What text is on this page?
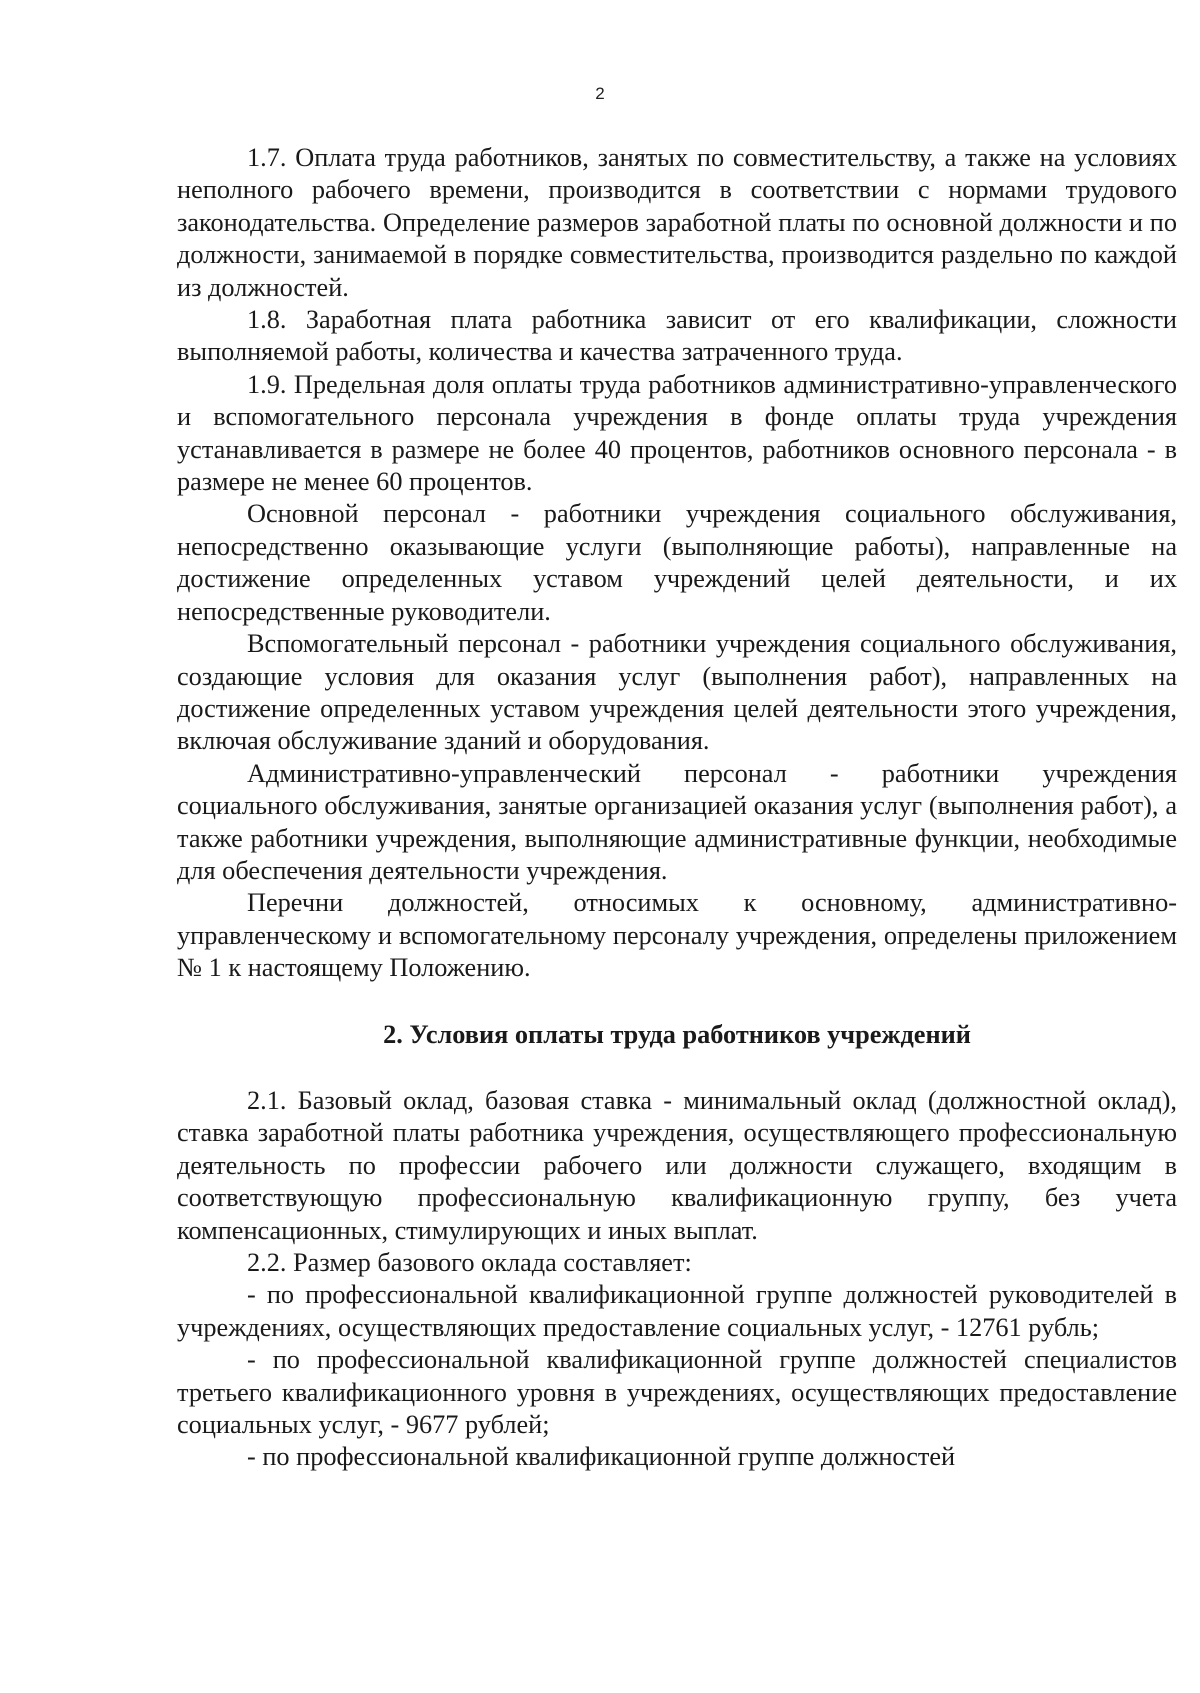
2

1.7. Оплата труда работников, занятых по совместительству, а также на условиях неполного рабочего времени, производится в соответствии с нормами трудового законодательства. Определение размеров заработной платы по основной должности и по должности, занимаемой в порядке совместительства, производится раздельно по каждой из должностей.

1.8. Заработная плата работника зависит от его квалификации, сложности выполняемой работы, количества и качества затраченного труда.

1.9. Предельная доля оплаты труда работников административно-управленческого и вспомогательного персонала учреждения в фонде оплаты труда учреждения устанавливается в размере не более 40 процентов, работников основного персонала - в размере не менее 60 процентов.

Основной персонал - работники учреждения социального обслуживания, непосредственно оказывающие услуги (выполняющие работы), направленные на достижение определенных уставом учреждений целей деятельности, и их непосредственные руководители.

Вспомогательный персонал - работники учреждения социального обслуживания, создающие условия для оказания услуг (выполнения работ), направленных на достижение определенных уставом учреждения целей деятельности этого учреждения, включая обслуживание зданий и оборудования.

Административно-управленческий персонал - работники учреждения социального обслуживания, занятые организацией оказания услуг (выполнения работ), а также работники учреждения, выполняющие административные функции, необходимые для обеспечения деятельности учреждения.

Перечни должностей, относимых к основному, административно-управленческому и вспомогательному персоналу учреждения, определены приложением № 1 к настоящему Положению.

2. Условия оплаты труда работников учреждений

2.1. Базовый оклад, базовая ставка - минимальный оклад (должностной оклад), ставка заработной платы работника учреждения, осуществляющего профессиональную деятельность по профессии рабочего или должности служащего, входящим в соответствующую профессиональную квалификационную группу, без учета компенсационных, стимулирующих и иных выплат.

2.2. Размер базового оклада составляет:

- по профессиональной квалификационной группе должностей руководителей в учреждениях, осуществляющих предоставление социальных услуг, - 12761 рубль;

- по профессиональной квалификационной группе должностей специалистов третьего квалификационного уровня в учреждениях, осуществляющих предоставление социальных услуг, - 9677 рублей;

- по профессиональной квалификационной группе должностей
